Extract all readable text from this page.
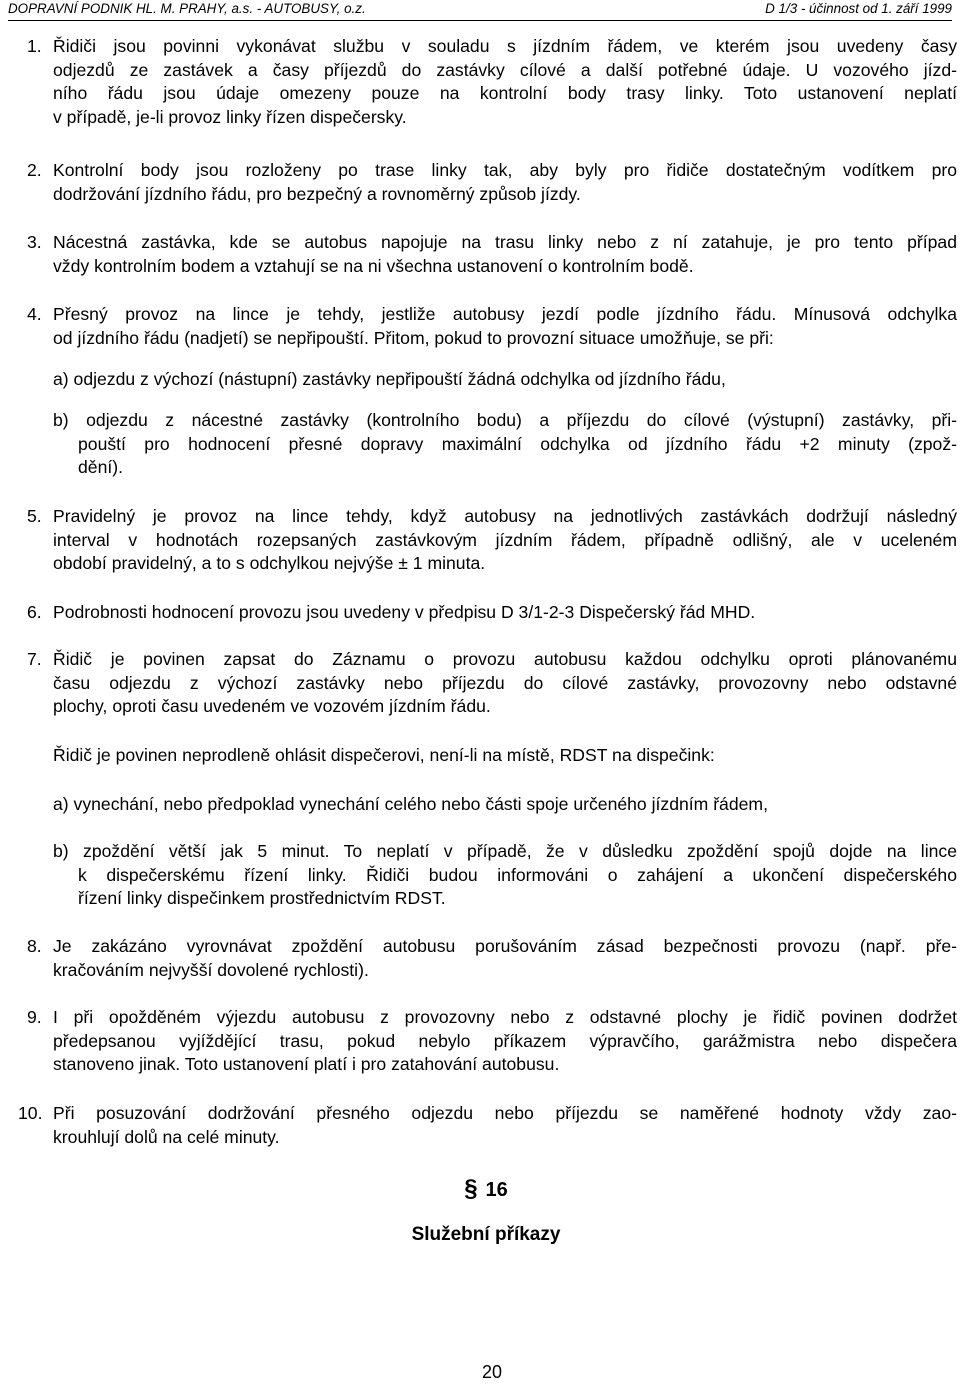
DOPRAVNÍ PODNIK HL. M. PRAHY, a.s. - AUTOBUSY, o.z.	D 1/3 - účinnost od 1. září 1999
1. Řidiči jsou povinni vykonávat službu v souladu s jízdním řádem, ve kterém jsou uvedeny časy
odjezdů ze zastávek a časy příjezdů do zastávky cílové a další potřebné údaje. U vozového jízd-
ního řádu jsou údaje omezeny pouze na kontrolní body trasy linky. Toto ustanovení neplatí
v případě, je-li provoz linky řízen dispečersky.
2. Kontrolní body jsou rozloženy po trase linky tak, aby byly pro řidiče dostatečným vodítkem pro
dodržování jízdního řádu, pro bezpečný a rovnoměrný způsob jízdy.
3. Nácestná zastávka, kde se autobus napojuje na trasu linky nebo z ní zatahuje, je pro tento případ
vždy kontrolním bodem a vztahují se na ni všechna ustanovení o kontrolním bodě.
4. Přesný provoz na lince je tehdy, jestliže autobusy jezdí podle jízdního řádu. Mínusová odchylka
od jízdního řádu (nadjetí) se nepřipouští. Přitom, pokud to provozní situace umožňuje, se při:
a) odjezdu z výchozí (nástupní) zastávky nepřipouští žádná odchylka od jízdního řádu,
b) odjezdu z nácestné zastávky (kontrolního bodu) a příjezdu do cílové (výstupní) zastávky, při-
pouští pro hodnocení přesné dopravy maximální odchylka od jízdního řádu +2 minuty (zpož-
dění).
5. Pravidelný je provoz na lince tehdy, když autobusy na jednotlivých zastávkách dodržují následný
interval v hodnotách rozepsaných zastávkovým jízdním řádem, případně odlišný, ale v uceleném
období pravidelný, a to s odchylkou nejvýše ± 1 minuta.
6. Podrobnosti hodnocení provozu jsou uvedeny v předpisu D 3/1-2-3 Dispečerský řád MHD.
7. Řidič je povinen zapsat do Záznamu o provozu autobusu každou odchylku oproti plánovanému
času odjezdu z výchozí zastávky nebo příjezdu do cílové zastávky, provozovny nebo odstavné
plochy, oproti času uvedeném ve vozovém jízdním řádu.
Řidič je povinen neprodleně ohlásit dispečerovi, není-li na místě, RDST na dispečink:
a) vynechání, nebo předpoklad vynechání celého nebo části spoje určeného jízdním řádem,
b) zpoždění větší jak 5 minut. To neplatí v případě, že v důsledku zpoždění spojů dojde na lince
k dispečerskému řízení linky. Řidiči budou informováni o zahájení a ukončení dispečerského
řízení linky dispečinkem prostřednictvím RDST.
8. Je zakázáno vyrovnávat zpoždění autobusu porušováním zásad bezpečnosti provozu (např. pře-
kračováním nejvyšší dovolené rychlosti).
9. I při opožděném výjezdu autobusu z provozovny nebo z odstavné plochy je řidič povinen dodržet
předepsanou vyjíždějící trasu, pokud nebylo příkazem výpravčího, garážmistra nebo dispečera
stanoveno jinak. Toto ustanovení platí i pro zatahování autobusu.
10. Při posuzování dodržování přesného odjezdu nebo příjezdu se naměřené hodnoty vždy zao-
krouhlují dolů na celé minuty.
§ 16
Služební příkazy
20
